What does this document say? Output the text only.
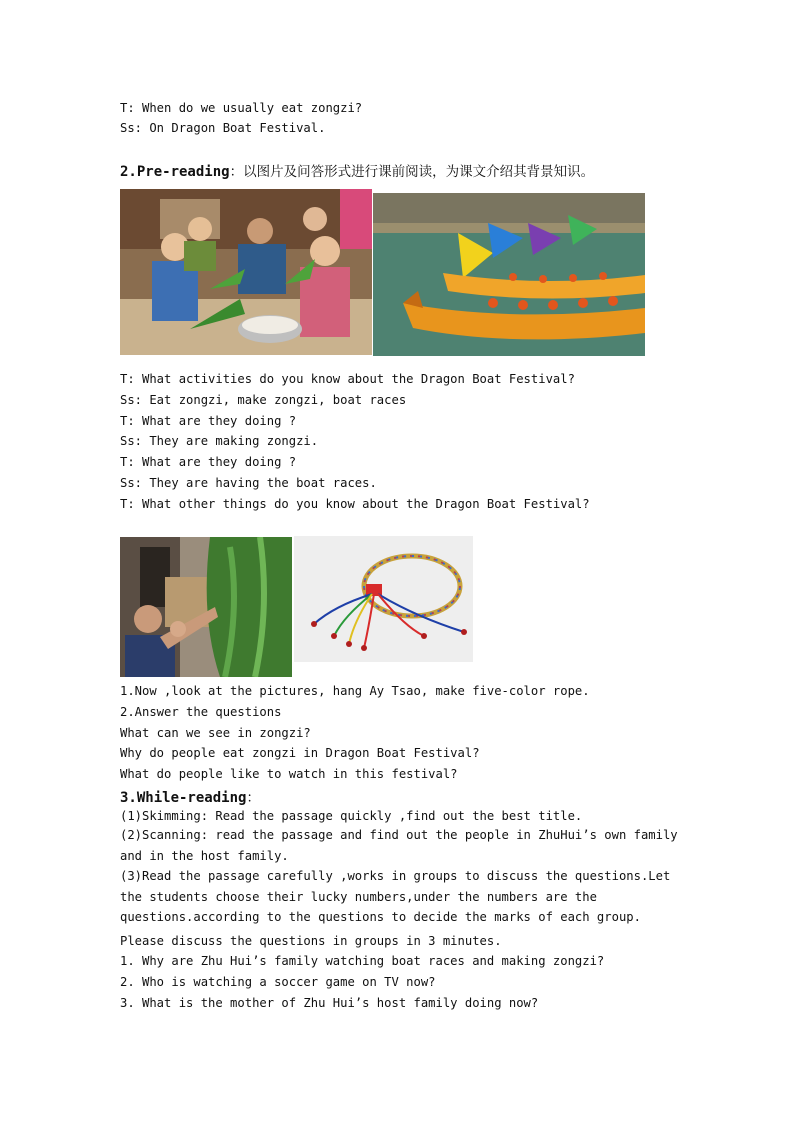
T: When do we usually eat zongzi?
Ss: On Dragon Boat Festival.
2.Pre-reading：以图片及问答形式进行课前阅读，为课文介绍其背景知识。
T: What activities do you know about the Dragon Boat Festival?
Ss: Eat zongzi, make zongzi, boat races
T: What are they doing ?
Ss: They are making zongzi.
T: What are they doing ?
Ss: They are having the boat races.
T: What other things do you know about the Dragon Boat Festival?
1.Now ,look at the pictures, hang Ay Tsao, make five-color rope.
2.Answer the questions
What can we see in zongzi?
Why do people eat zongzi in Dragon Boat Festival?
What do people like to watch in this festival?
3.While-reading：
(1)Skimming: Read the passage quickly ,find out the best title.
(2)Scanning: read the passage and find out the people in ZhuHui’s own family and in the host family.
(3)Read the passage carefully ,works in groups to discuss the questions.Let the students choose their lucky numbers,under the numbers are the questions.according to the questions to decide the marks of each group.
Please discuss the questions in groups in 3 minutes.
1. Why are Zhu Hui’s family watching boat races and making zongzi?
2. Who is watching a soccer game on TV now?
3. What is the mother of Zhu Hui’s host family doing now?
